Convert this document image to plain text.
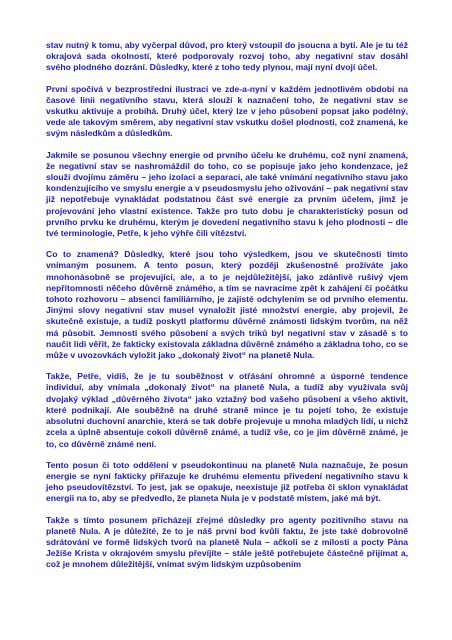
stav nutný k tomu, aby vyčerpal důvod, pro který vstoupil do jsoucna a bytí. Ale je tu též okrajová sada okolností, které podporovaly rozvoj toho, aby negativní stav dosáhl svého plodného dozrání. Důsledky, které z toho tedy plynou, mají nyní dvojí účel.

První spočívá v bezprostřední ilustraci ve zde-a-nyní v každém jednotlivém období na časové linii negativního stavu, která slouží k naznačení toho, že negativní stav se vskutku aktivuje a probíhá. Druhý účel, který lze v jeho působení popsat jako podélný, vede ale takovým směrem, aby negativní stav vskutku došel plodnosti, což znamená, ke svým následkům a důsledkům.

Jakmile se posunou všechny energie od prvního účelu ke druhému, což nyní znamená, že negativní stav se nashromáždil do toho, co se popisuje jako jeho kondenzace, jež slouží dvojímu záměru – jeho izolaci a separaci, ale také vnímání negativního stavu jako kondenzujícího ve smyslu energie a v pseudosmyslu jeho oživování – pak negativní stav již nepotřebuje vynakládat podstatnou část své energie za prvním účelem, jímž je projevování jeho vlastní existence. Takže pro tuto dobu je charakteristický posun od prvního prvku ke druhému, kterým je dovedení negativního stavu k jeho plodnosti – dle tvé terminologie, Petře, k jeho výhře čili vítězství.

Co to znamená? Důsledky, které jsou toho výsledkem, jsou ve skutečnosti tímto vnímaným posunem. A tento posun, který později zkušenostně prožíváte jako mnohonásobně se projevující, ale, a to je nejdůležitější, jako zdánlivě rušivý vjem nepřítomnosti něčeho důvěrně známého, a tím se navracíme zpět k zahájení či počátku tohoto rozhovoru – absenci familiárního, je zajisté odchylením se od prvního elementu. Jinými slovy negativní stav musel vynaložit jisté množství energie, aby projevil, že skutečně existuje, a tudíž poskytl platformu důvěrné známosti lidským tvorům, na něž má působit. Jemnosti svého působení a svých triků byl negativní stav v zásadě s to naučit lidi věřit, že fakticky existovala základna důvěrně známého a základna toho, co se může v uvozovkách vyložit jako „dokonalý život“ na planetě Nula.

Takže, Petře, vidíš, že je tu souběžnost v otřásání ohromné a úsporné tendence individuí, aby vnímala „dokonalý život“ na planetě Nula, a tudíž aby využívala svůj dvojaký výklad „důvěrného života“ jako vztažný bod vašeho působení a všeho aktivit, které podnikají. Ale souběžně na druhé straně mince je tu pojetí toho, že existuje absolutní duchovní anarchie, která se tak dobře projevuje u mnoha mladých lidí, u nichž zcela a úplně absentuje cokoli důvěrně známé, a tudíž vše, co je jim důvěrně známé, je to, co důvěrně známé není.

Tento posun či toto oddělení v pseudokontinuu na planetě Nula naznačuje, že posun energie se nyní fakticky přiřazuje ke druhému elementu přivedení negativního stavu k jeho pseudovítězství. To jest, jak se opakuje, neexistuje již potřeba či sklon vynakládat energii na to, aby se předvedlo, že planeta Nula je v podstatě místem, jaké má být.

Takže s tímto posunem přicházejí zřejmé důsledky pro agenty pozitivního stavu na planetě Nula. A je důležité, že to je náš první bod kvůli faktu, že jste také dobrovolně sdrátování ve formě lidských tvorů na planetě Nula – ačkoli se z milosti a pocty Pána Ježíše Krista v okrajovém smyslu převíjíte – stále ještě potřebujete částečně přijímat a, což je mnohem důležitější, vnímat svým lidským uzpůsobením
